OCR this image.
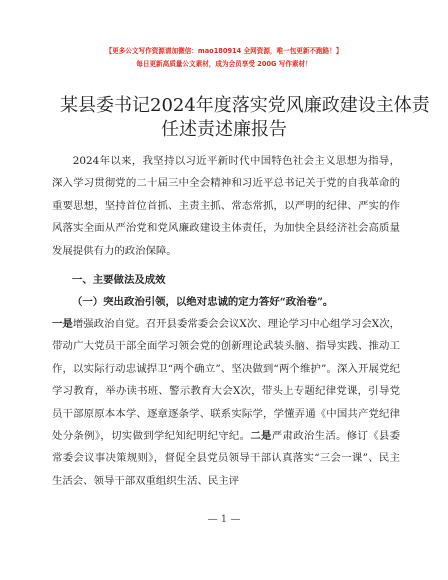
【更多公文写作资源请加微信：mao180914 全网资源，唯一包更新不跑路！】
每日更新高质量公文素材，成为会员享受 200G 写作素材！
某县委书记2024年度落实党风廉政建设主体责
任述责述廉报告

2024年以来，我坚持以习近平新时代中国特色社会主义思想为指导，深入学习贯彻党的二十届三中全会精神和习近平总书记关于党的自我革命的重要思想，坚持首位首抓、主责主抓、常态常抓，以严明的纪律、严实的作风落实全面从严治党和党风廉政建设主体责任，为加快全县经济社会高质量发展提供有力的政治保障。

一、主要做法及成效
（一）突出政治引领，以绝对忠诚的定力答好“政治卷”。

一是增强政治自觉。召开县委常委会会议X次、理论学习中心组学习会X次，带动广大党员干部全面学习领会党的创新理论武装头脑、指导实践、推动工作，以实际行动忠诚捍卫“两个确立”、坚决做到“两个维护”。深入开展党纪学习教育，举办读书班、警示教育大会X次，带头上专题纪律党课，引导党员干部原原本本学、逐章逐条学、联系实际学，学懂弄通《中国共产党纪律处分条例》，切实做到学纪知纪明纪守纪。二是严肃政治生活。修订《县委常委会议事决策规则》，督促全县党员领导干部认真落实“三会一课”、民主生活会、领导干部双重组织生活、民主评

— 1 —
